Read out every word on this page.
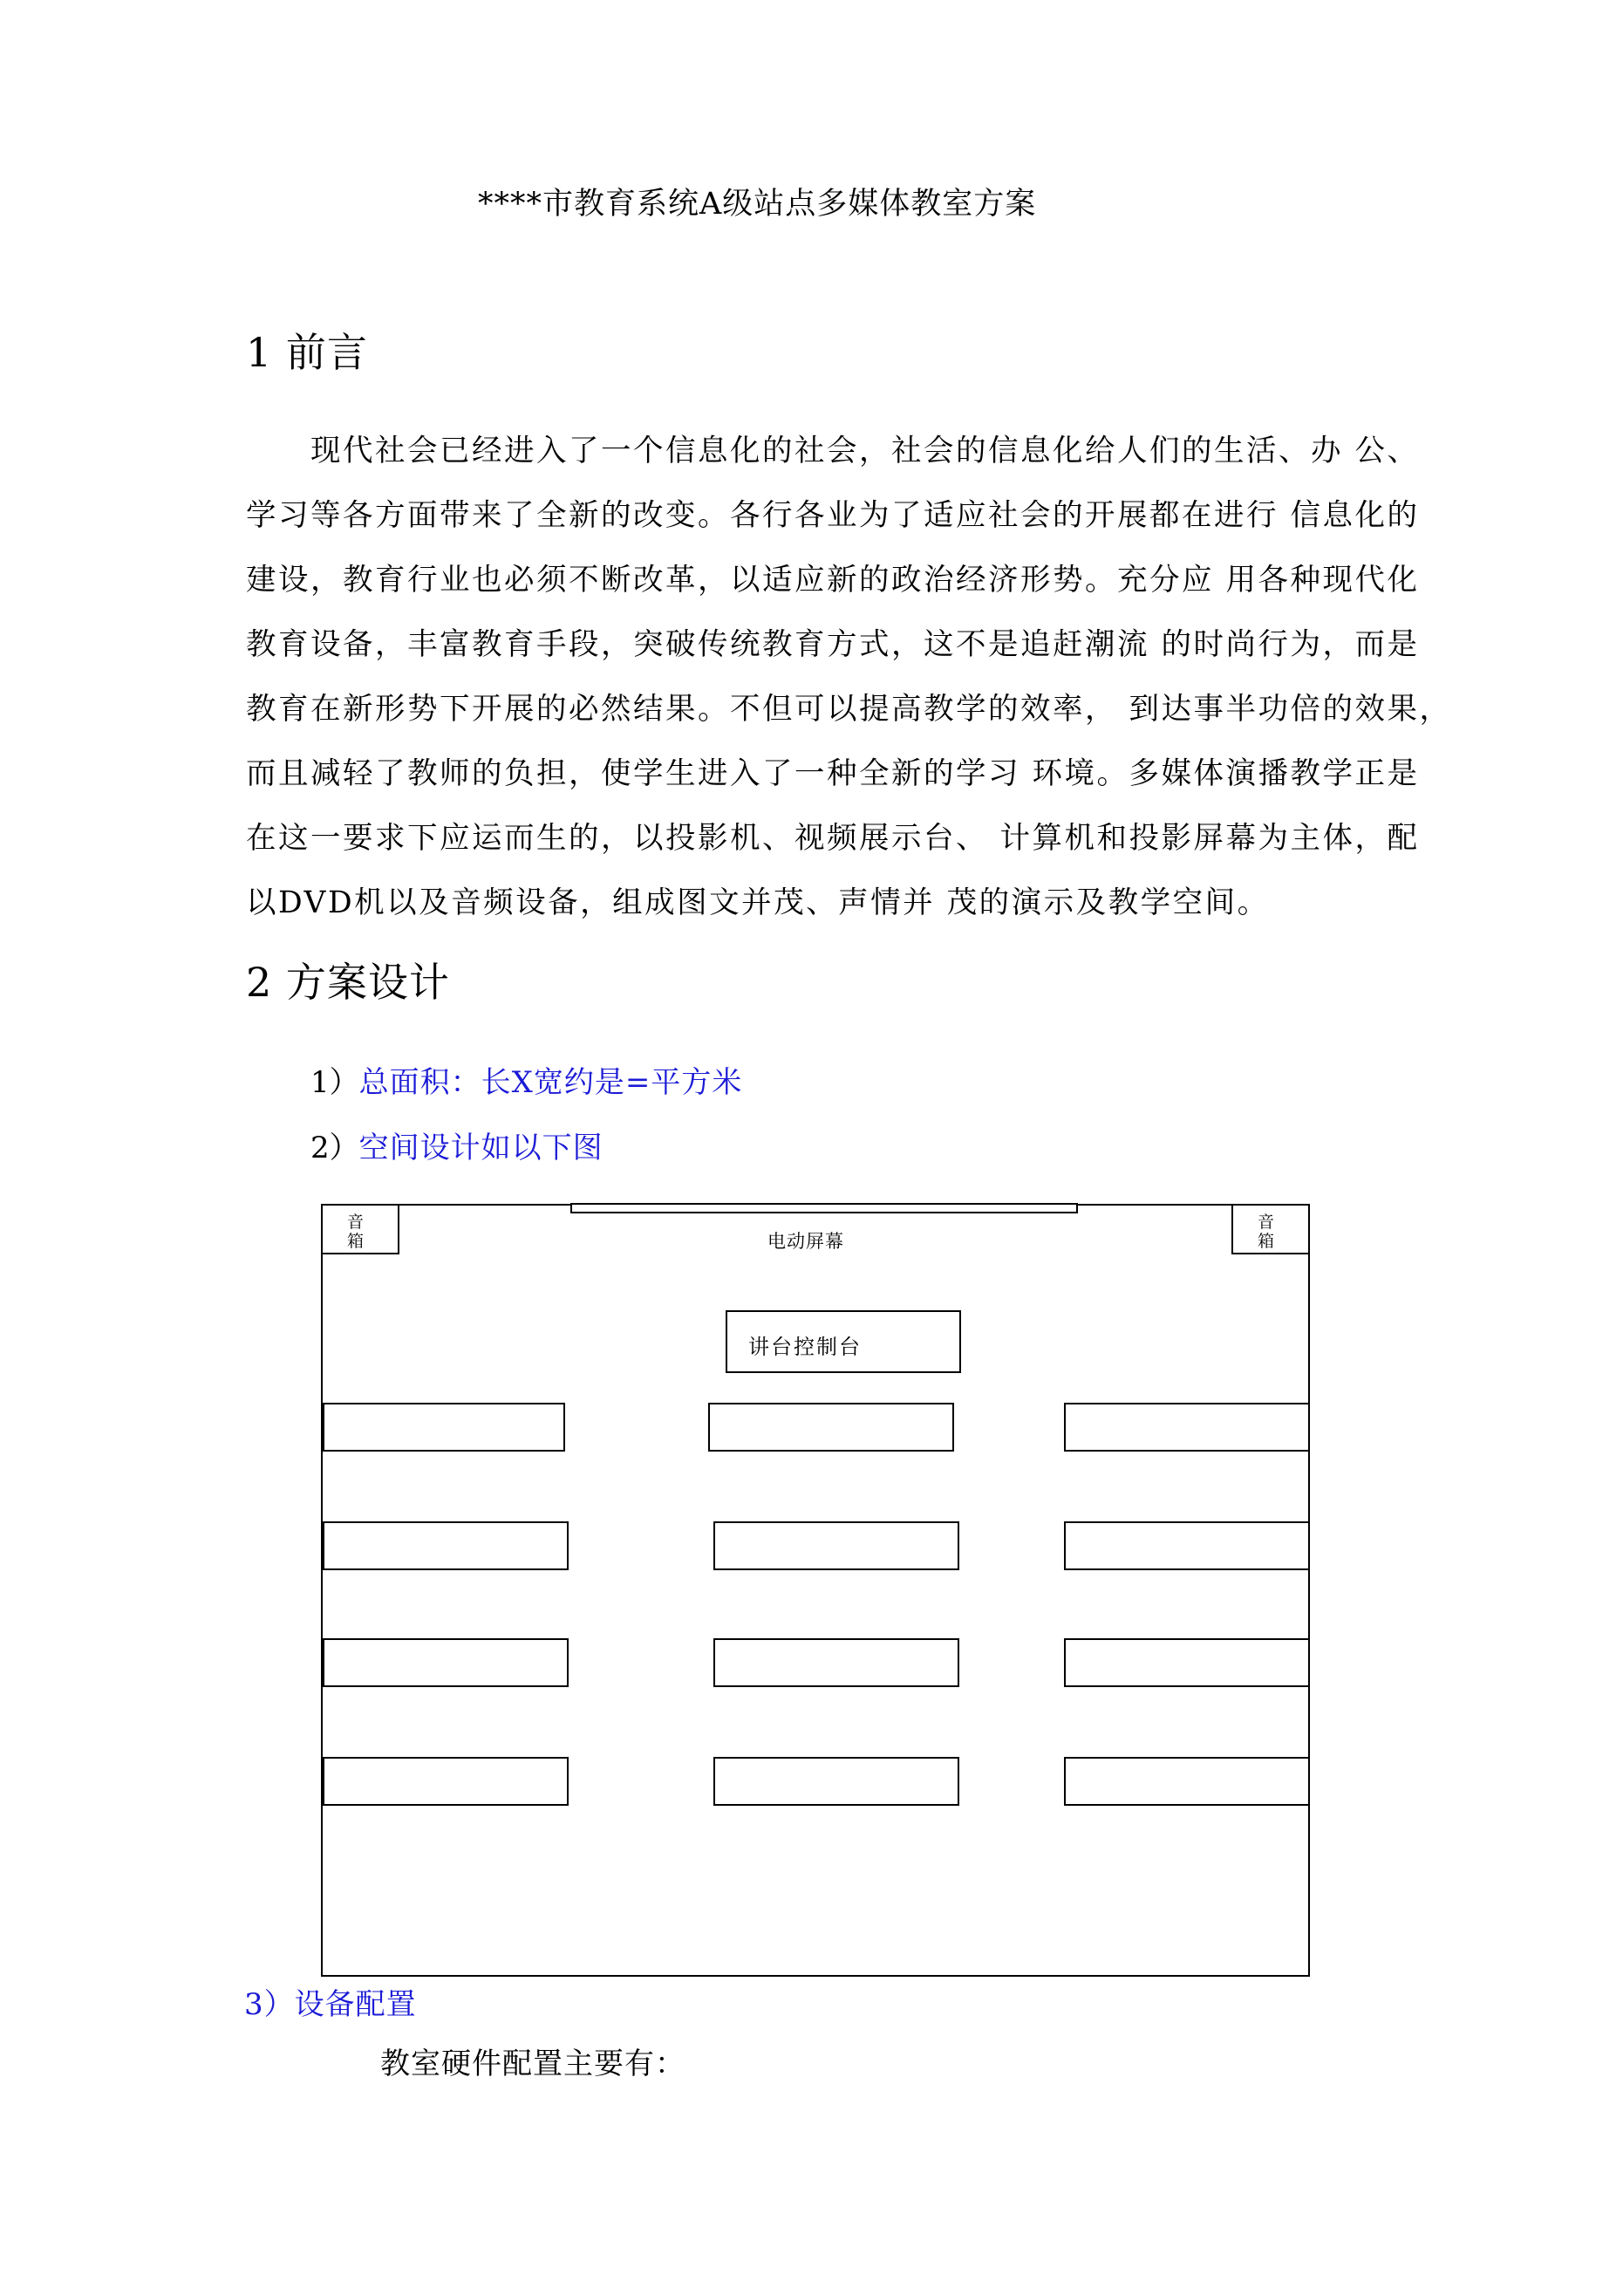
****市教育系统A级站点多媒体教室方案
1 前言
现代社会已经进入了一个信息化的社会，社会的信息化给人们的生活、办 公、
学习等各方面带来了全新的改变。各行各业为了适应社会的开展都在进行 信息化的
建设，教育行业也必须不断改革，以适应新的政治经济形势。充分应 用各种现代化
教育设备，丰富教育手段，突破传统教育方式，这不是追赶潮流 的时尚行为，而是
教育在新形势下开展的必然结果。不但可以提高教学的效率， 到达事半功倍的效果，
而且减轻了教师的负担，使学生进入了一种全新的学习 环境。多媒体演播教学正是
在这一要求下应运而生的，以投影机、视频展示台、 计算机和投影屏幕为主体，配
以DVD机以及音频设备，组成图文并茂、声情并 茂的演示及教学空间。
2 方案设计
1）总面积：长X宽约是=平方米
2）空间设计如以下图
音箱
音箱
电动屏幕
讲台控制台
3）设备配置
教室硬件配置主要有：
